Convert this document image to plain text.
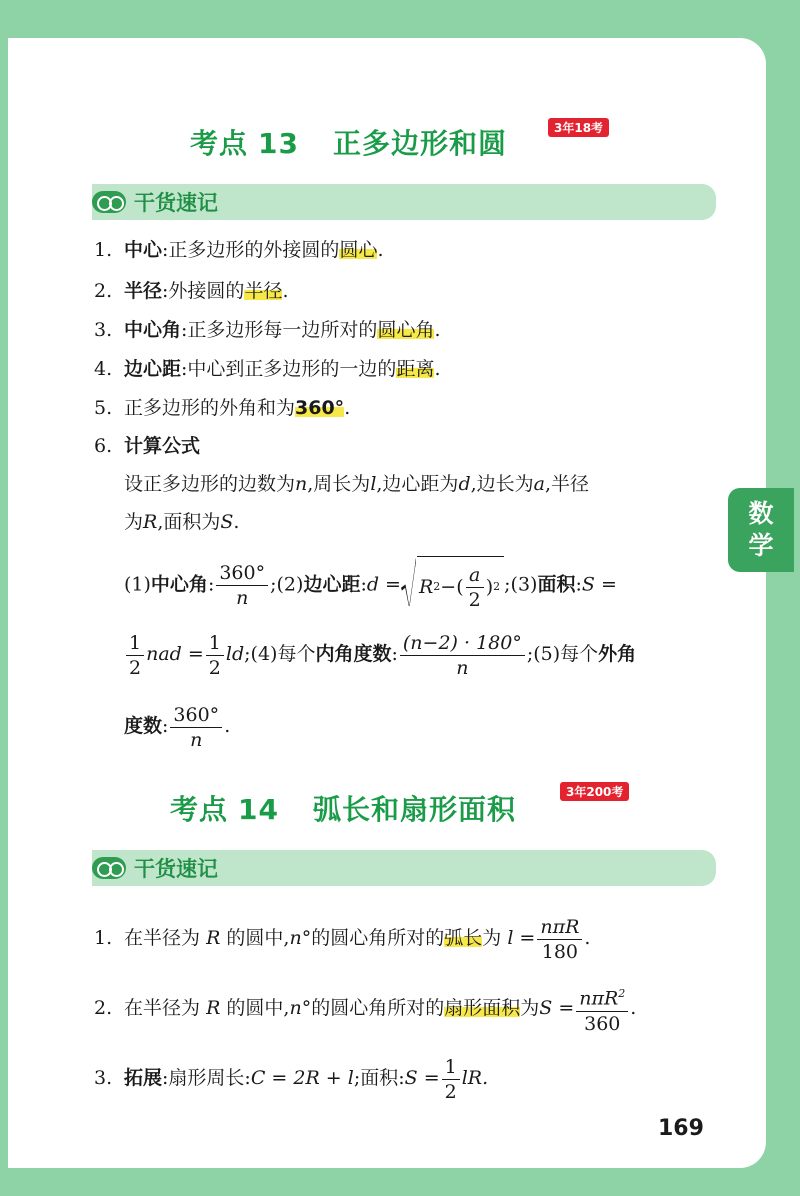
数
学
考点 13 正多边形和圆	3年18考
干货速记
1. 中心:正多边形的外接圆的圆心.
2. 半径:外接圆的半径.
3. 中心角:正多边形每一边所对的圆心角.
4. 边心距:中心到正多边形的一边的距离.
5. 正多边形的外角和为360°.
6. 计算公式
设正多边形的边数为n,周长为l,边心距为d,边长为a,半径
为R,面积为S.
(1)中心角: $\frac{360^\circ}{n}$ ;(2)边心距:d = R 2 −( $\frac{a}{2}$ ) 2 ;(3)面积:S =
$\frac{1}{2}$ nad = $\frac{1}{2}$ ld;(4)每个内角度数: $\frac{(n-2) \cdot 180^\circ}{n}$ ;(5)每个外角
度数: $\frac{360^\circ}{n}$ .
考点 14 弧长和扇形面积
3年200考
干货速记
1. 在半径为 R 的圆中,n°的圆心角所对的弧长为 $l = \frac{\text{nπR}}{180}$ .
2. 在半径为 R 的圆中,n°的圆心角所对的扇形面积为$S = \frac{n\pi R^2}{360}$ .
3. 拓展:扇形周长:C = 2R + l;面积:S = $\frac{1}{2}$ lR.
169
